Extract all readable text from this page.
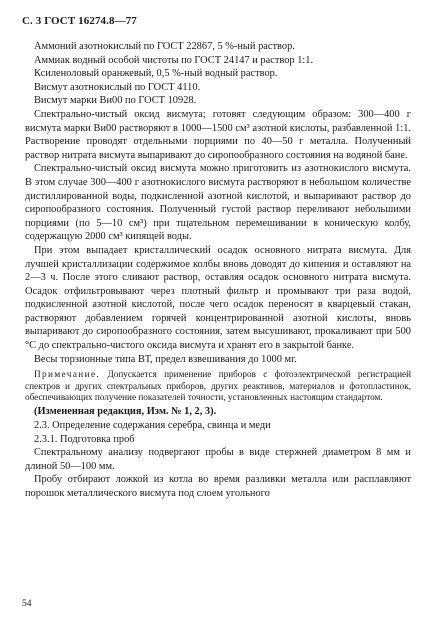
С. 3 ГОСТ 16274.8—77

Аммоний азотнокислый по ГОСТ 22867, 5 %-ный раствор.

Аммиак водный особой чистоты по ГОСТ 24147 и раствор 1:1.

Ксиленоловый оранжевый, 0,5 %-ный водный раствор.

Висмут азотнокислый по ГОСТ 4110.

Висмут марки Ви00 по ГОСТ 10928.

Спектрально-чистый оксид висмута; готовят следующим образом: 300—400 г висмута марки Ви00 растворяют в 1000—1500 см³ азотной кислоты, разбавленной 1:1. Растворение проводят отдельными порциями по 40—50 г металла. Полученный раствор нитрата висмута выпаривают до сиропообразного состояния на водяной бане.

Спектрально-чистый оксид висмута можно приготовить из азотнокислого висмута. В этом случае 300—400 г азотнокислого висмута растворяют в небольшом количестве дистиллированной воды, подкисленной азотной кислотой, и выпаривают раствор до сиропообразного состояния. Полученный густой раствор переливают небольшими порциями (по 5—10 см³) при тщательном перемешивании в коническую колбу, содержащую 2000 см³ кипящей воды.

При этом выпадает кристаллический осадок основного нитрата висмута. Для лучшей кристаллизации содержимое колбы вновь доводят до кипения и оставляют на 2—3 ч. После этого сливают раствор, оставляя осадок основного нитрата висмута. Осадок отфильтровывают через плотный фильтр и промывают три раза водой, подкисленной азотной кислотой, после чего осадок переносят в кварцевый стакан, растворяют добавлением горячей концентрированной азотной кислоты, вновь выпаривают до сиропообразного состояния, затем высушивают, прокаливают при 500 °С до спектрально-чистого оксида висмута и хранят его в закрытой банке.

Весы торзионные типа ВТ, предел взвешивания до 1000 мг.

Примечание. Допускается применение приборов с фотоэлектрической регистрацией спектров и других спектральных приборов, других реактивов, материалов и фотопластинок, обеспечивающих получение показателей точности, установленных настоящим стандартом.

(Измененная редакция, Изм. № 1, 2, 3).

2.3. Определение содержания серебра, свинца и меди

2.3.1. Подготовка проб

Спектральному анализу подвергают пробы в виде стержней диаметром 8 мм и длиной 50—100 мм.

Пробу отбирают ложкой из котла во время разливки металла или расплавляют порошок металлического висмута под слоем угольного

54
